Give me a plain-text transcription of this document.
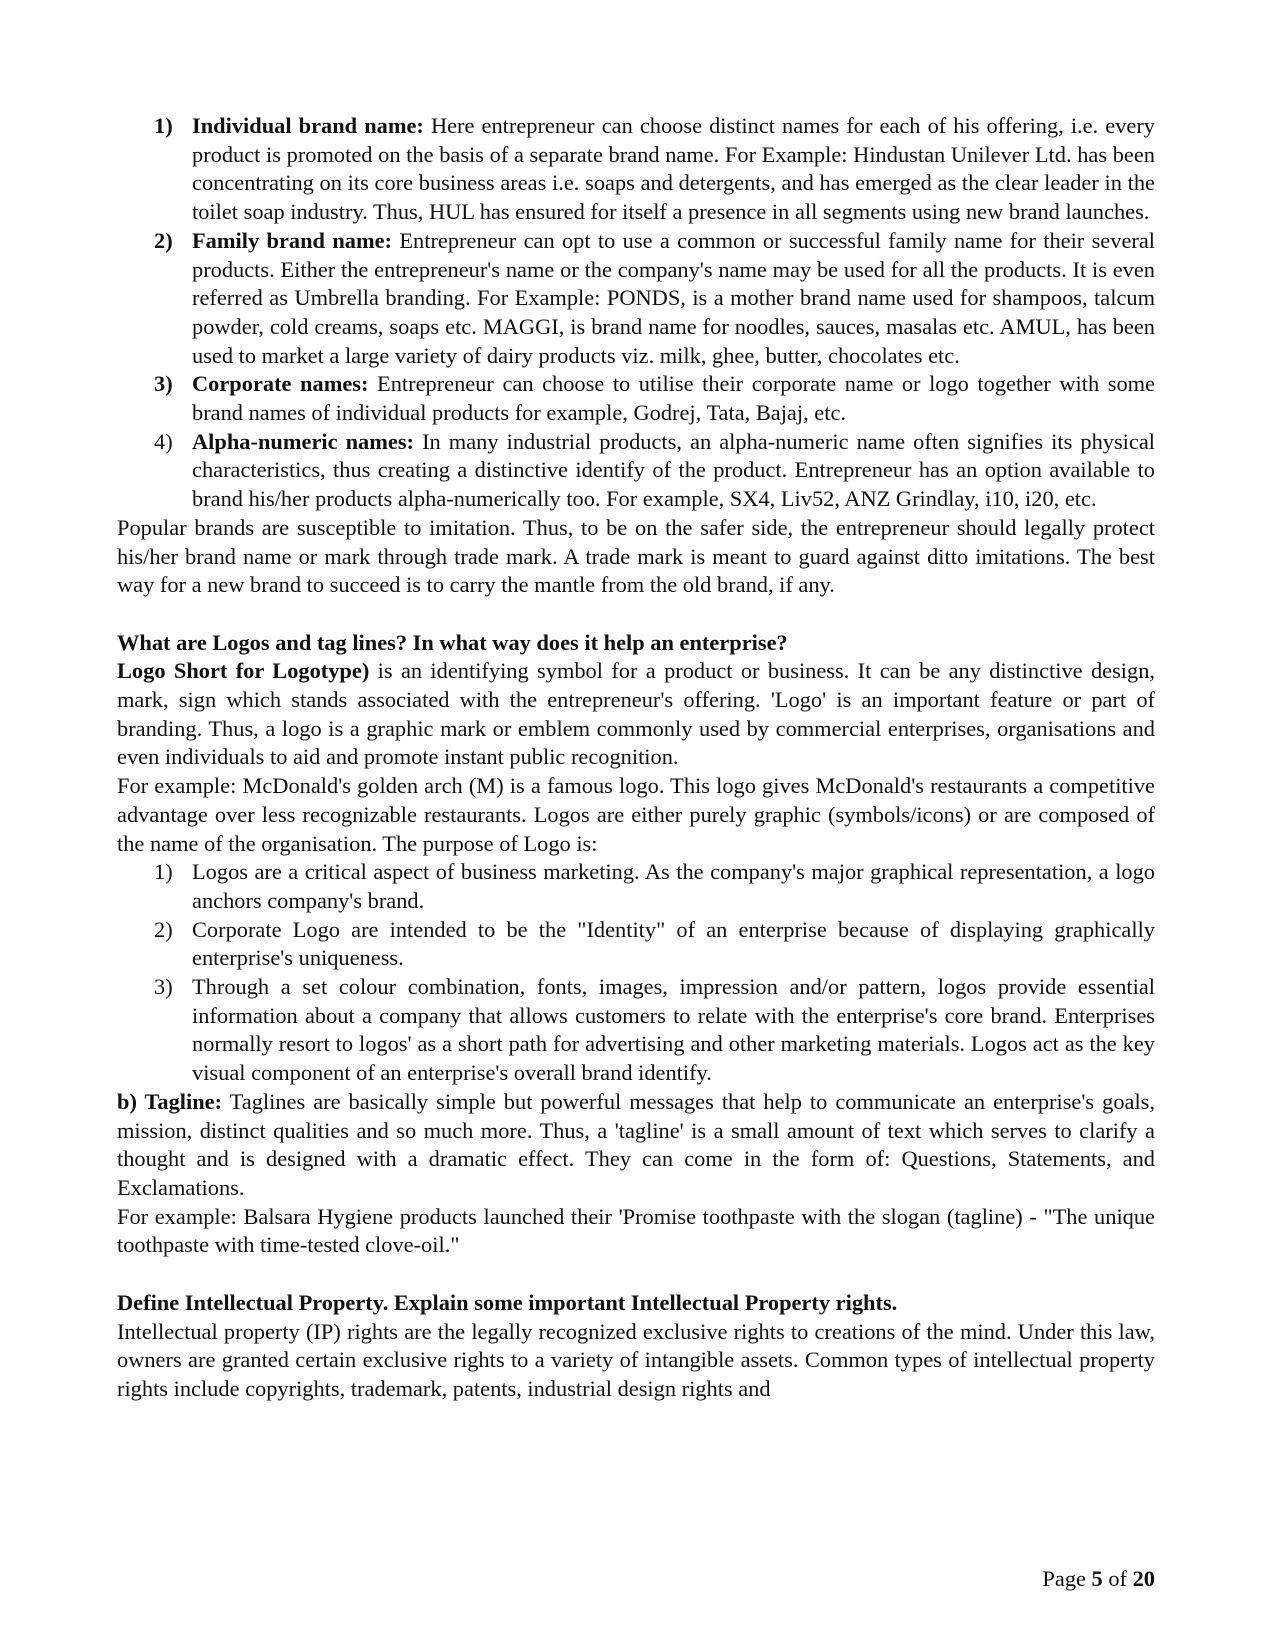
1) Individual brand name: Here entrepreneur can choose distinct names for each of his offering, i.e. every product is promoted on the basis of a separate brand name. For Example: Hindustan Unilever Ltd. has been concentrating on its core business areas i.e. soaps and detergents, and has emerged as the clear leader in the toilet soap industry. Thus, HUL has ensured for itself a presence in all segments using new brand launches.
2) Family brand name: Entrepreneur can opt to use a common or successful family name for their several products. Either the entrepreneur's name or the company's name may be used for all the products. It is even referred as Umbrella branding. For Example: PONDS, is a mother brand name used for shampoos, talcum powder, cold creams, soaps etc. MAGGI, is brand name for noodles, sauces, masalas etc. AMUL, has been used to market a large variety of dairy products viz. milk, ghee, butter, chocolates etc.
3) Corporate names: Entrepreneur can choose to utilise their corporate name or logo together with some brand names of individual products for example, Godrej, Tata, Bajaj, etc.
4) Alpha-numeric names: In many industrial products, an alpha-numeric name often signifies its physical characteristics, thus creating a distinctive identify of the product. Entrepreneur has an option available to brand his/her products alpha-numerically too. For example, SX4, Liv52, ANZ Grindlay, i10, i20, etc.

Popular brands are susceptible to imitation. Thus, to be on the safer side, the entrepreneur should legally protect his/her brand name or mark through trade mark. A trade mark is meant to guard against ditto imitations. The best way for a new brand to succeed is to carry the mantle from the old brand, if any.

What are Logos and tag lines? In what way does it help an enterprise?

Logo Short for Logotype) is an identifying symbol for a product or business. It can be any distinctive design, mark, sign which stands associated with the entrepreneur's offering. 'Logo' is an important feature or part of branding. Thus, a logo is a graphic mark or emblem commonly used by commercial enterprises, organisations and even individuals to aid and promote instant public recognition.

For example: McDonald's golden arch (M) is a famous logo. This logo gives McDonald's restaurants a competitive advantage over less recognizable restaurants. Logos are either purely graphic (symbols/icons) or are composed of the name of the organisation. The purpose of Logo is:

1) Logos are a critical aspect of business marketing. As the company's major graphical representation, a logo anchors company's brand.
2) Corporate Logo are intended to be the "Identity" of an enterprise because of displaying graphically enterprise's uniqueness.
3) Through a set colour combination, fonts, images, impression and/or pattern, logos provide essential information about a company that allows customers to relate with the enterprise's core brand. Enterprises normally resort to logos' as a short path for advertising and other marketing materials. Logos act as the key visual component of an enterprise's overall brand identify.

b) Tagline: Taglines are basically simple but powerful messages that help to communicate an enterprise's goals, mission, distinct qualities and so much more. Thus, a 'tagline' is a small amount of text which serves to clarify a thought and is designed with a dramatic effect. They can come in the form of: Questions, Statements, and Exclamations.

For example: Balsara Hygiene products launched their 'Promise toothpaste with the slogan (tagline) - "The unique toothpaste with time-tested clove-oil."

Define Intellectual Property. Explain some important Intellectual Property rights.

Intellectual property (IP) rights are the legally recognized exclusive rights to creations of the mind. Under this law, owners are granted certain exclusive rights to a variety of intangible assets. Common types of intellectual property rights include copyrights, trademark, patents, industrial design rights and

Page 5 of 20
